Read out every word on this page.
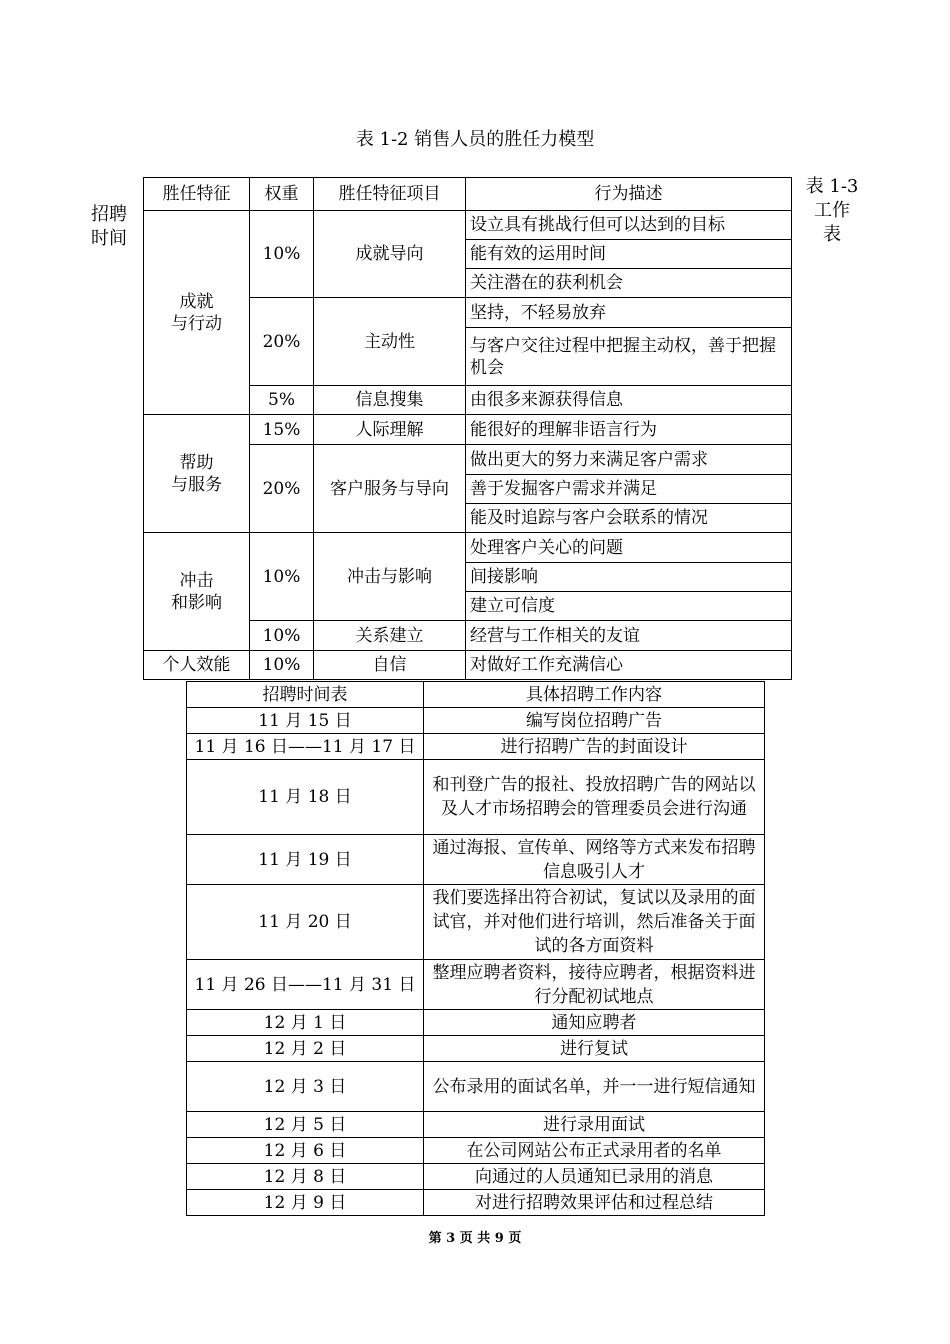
表 1-2 销售人员的胜任力模型
招聘
时间
表 1-3
工作
表
胜任特征	权重	胜任特征项目	行为描述

成就
与行动	10%	成就导向	设立具有挑战行但可以达到的目标
			能有效的运用时间
			关注潜在的获利机会
	20%	主动性	坚持，不轻易放弃
			与客户交往过程中把握主动权，善于把握机会
	5%	信息搜集	由很多来源获得信息

帮助
与服务	15%	人际理解	能很好的理解非语言行为
	20%	客户服务与导向	做出更大的努力来满足客户需求
			善于发掘客户需求并满足
			能及时追踪与客户会联系的情况

冲击
和影响	10%	冲击与影响	处理客户关心的问题
			间接影响
			建立可信度
	10%	关系建立	经营与工作相关的友谊
个人效能	10%	自信	对做好工作充满信心
招聘时间表	具体招聘工作内容
11 月 15 日	编写岗位招聘广告
11 月 16 日——11 月 17 日	进行招聘广告的封面设计
11 月 18 日	和刊登广告的报社、投放招聘广告的网站以及人才市场招聘会的管理委员会进行沟通
11 月 19 日	通过海报、宣传单、网络等方式来发布招聘信息吸引人才
11 月 20 日	我们要选择出符合初试，复试以及录用的面试官，并对他们进行培训，然后准备关于面试的各方面资料
11 月 26 日——11 月 31 日	整理应聘者资料，接待应聘者，根据资料进行分配初试地点
12 月 1 日	通知应聘者
12 月 2 日	进行复试
12 月 3 日	公布录用的面试名单，并一一进行短信通知
12 月 5 日	进行录用面试
12 月 6 日	在公司网站公布正式录用者的名单
12 月 8 日	向通过的人员通知已录用的消息
12 月 9 日	对进行招聘效果评估和过程总结
第 3 页 共 9 页
